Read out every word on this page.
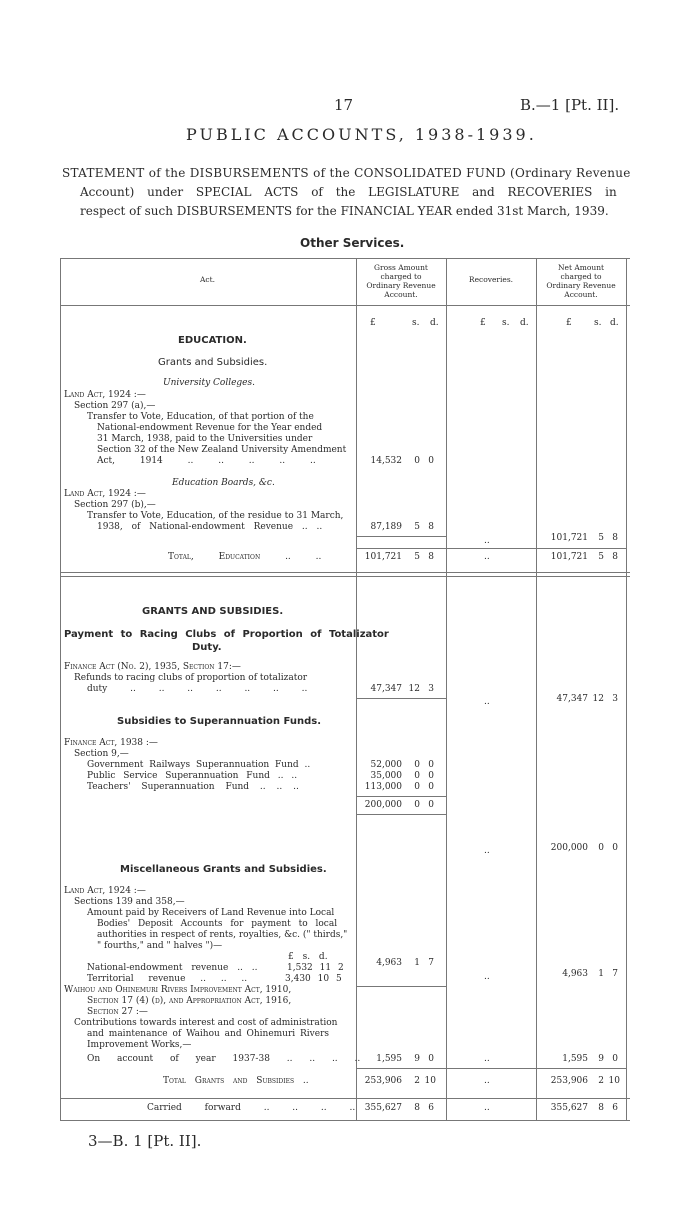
17	B.—1 [Pt. II].
PUBLIC ACCOUNTS, 1938-1939.
STATEMENT of the DISBURSEMENTS of the CONSOLIDATED FUND (Ordinary Revenue
Account) under SPECIAL ACTS of the LEGISLATURE and RECOVERIES in
respect of such DISBURSEMENTS for the FINANCIAL YEAR ended 31st March, 1939.
Other Services.
Act.
Gross Amount
charged to
Ordinary Revenue
Account.
Recoveries.
Net Amount
charged to
Ordinary Revenue
Account.
£	s. d.	£ s. d.	£ s. d.
EDUCATION.
Grants and Subsidies.
University Colleges.
Land Act, 1924 :—
Section 297 (a),—
Transfer to Vote, Education, of that portion of the
National-endowment Revenue for the Year ended
31 March, 1938, paid to the Universities under
Section 32 of the New Zealand University Amendment
Act, 1914 .. .. .. .. ..	14,532 0 0
Education Boards, &c.
Land Act, 1924 :—
Section 297 (b),—
Transfer to Vote, Education, of the residue to 31 March,
1938, of National-endowment Revenue .. ..	87,189 5 8
..	101,721 5 8
Total, Education .. ..	101,721 5 8	..	101,721 5 8
GRANTS AND SUBSIDIES.
Payment to Racing Clubs of Proportion of Totalizator
Duty.
Finance Act (No. 2), 1935, Section 17:—
Refunds to racing clubs of proportion of totalizator
duty .. .. .. .. .. .. ..	47,347 12 3
..	47,347 12 3
Subsidies to Superannuation Funds.
Finance Act, 1938 :—
Section 9,—
Government Railways Superannuation Fund ..	52,000 0 0
Public Service Superannuation Fund .. ..	35,000 0 0
Teachers' Superannuation Fund .. .. ..	113,000 0 0
200,000 0 0
..	200,000 0 0
Miscellaneous Grants and Subsidies.
Land Act, 1924 :—
Sections 139 and 358,—
Amount paid by Receivers of Land Revenue into Local
Bodies' Deposit Accounts for payment to local
authorities in respect of rents, royalties, &c. (" thirds,"
" fourths," and " halves ")—
£ s. d.
National-endowment revenue .. ..	1,532 11 2
Territorial revenue .. .. ..	3,430 10 5
4,963 1 7
..	4,963 1 7
Waihou and Ohinemuri Rivers Improvement Act, 1910,
Section 17 (4) (d), and Appropriation Act, 1916,
Section 27 :—
Contributions towards interest and cost of administration
and maintenance of Waihou and Ohinemuri Rivers
Improvement Works,—
On account of year 1937-38 .. .. .. .. 1,595 9 0	..	1,595 9 0
Total Grants and Subsidies ..	253,906 2 10	..	253,906 2 10
Carried forward .. .. .. .. 355,627 8 6	..	355,627 8 6
3—B. 1 [Pt. II].
